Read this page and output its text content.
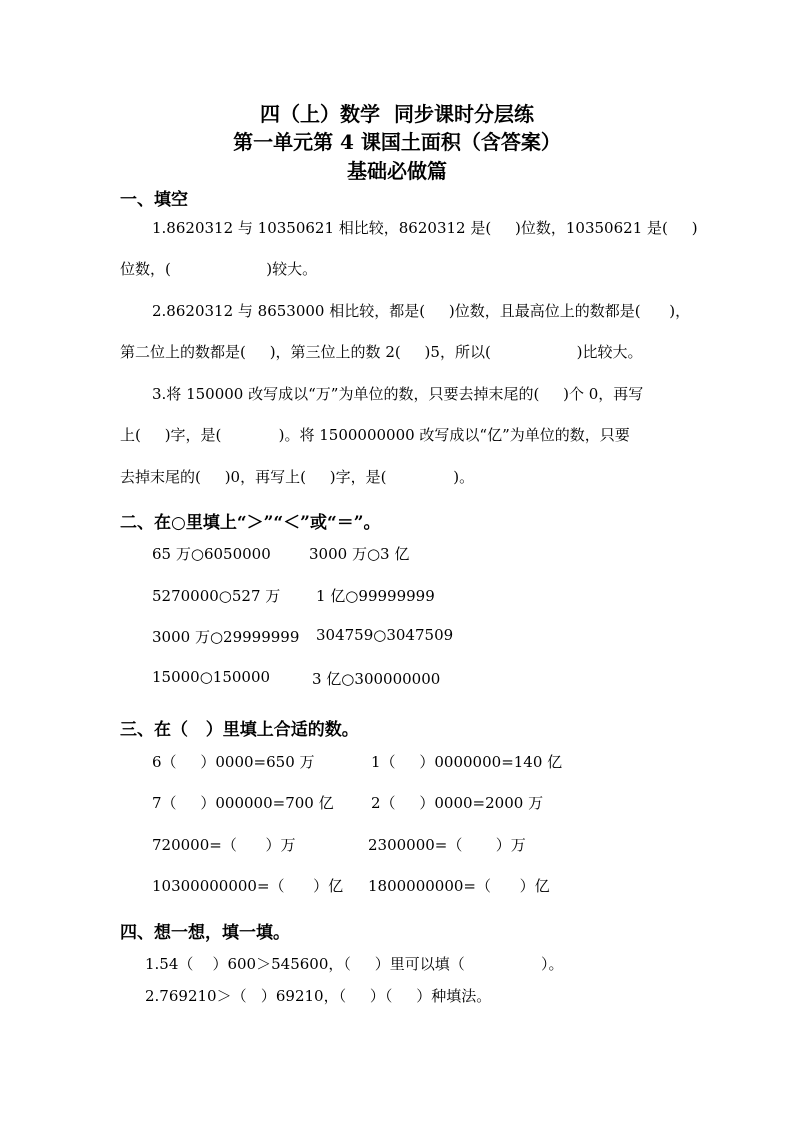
四（上）数学  同步课时分层练
第一单元第 4 课国土面积（含答案）
基础必做篇
一、填空
1.8620312 与 10350621 相比较，8620312 是(     )位数，10350621 是(     )
位数，(                    )较大。
2.8620312 与 8653000 相比较，都是(     )位数，且最高位上的数都是(      )，
第二位上的数都是(     )，第三位上的数 2(     )5，所以(                  )比较大。
3.将 150000 改写成以“万”为单位的数，只要去掉末尾的(     )个 0，再写
上(     )字，是(            )。将 1500000000 改写成以“亿”为单位的数，只要
去掉末尾的(     )0，再写上(     )字，是(              )。
二、在○里填上“＞”“＜”或“＝”。
65 万○6050000	3000 万○3 亿
5270000○527 万 1 亿○99999999
3000 万○29999999 304759○3047509
15000○150000	3 亿○300000000
三、在（   ）里填上合适的数。
6（     ）0000=650 万	1（     ）0000000=140 亿
7（     ）000000=700 亿 2（     ）0000=2000 万
720000=（      ）万	2300000=（       ）万
10300000000=（      ）亿 1800000000=（      ）亿
四、想一想，填一填。
1.54（    ）600＞545600，（     ）里可以填（                ）。
2.769210＞（   ）69210，（     ）（     ）种填法。
